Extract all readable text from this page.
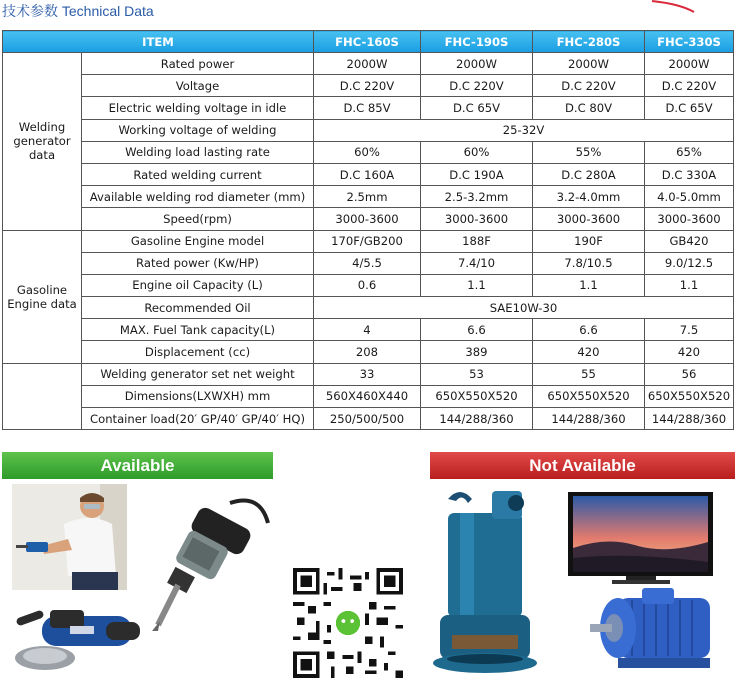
技术参数 Technical Data
ITEM		FHC-160S	FHC-190S	FHC-280S	FHC-330S
Welding generator data	Rated power	2000W	2000W	2000W	2000W
	Voltage	D.C 220V	D.C 220V	D.C 220V	D.C 220V
	Electric welding voltage in idle	D.C 85V	D.C 65V	D.C 80V	D.C 65V
	Working voltage of welding	25-32V			
	Welding load lasting rate	60%	60%	55%	65%
	Rated welding current	D.C 160A	D.C 190A	D.C 280A	D.C 330A
	Available welding rod diameter (mm)	2.5mm	2.5-3.2mm	3.2-4.0mm	4.0-5.0mm
	Speed(rpm)	3000-3600	3000-3600	3000-3600	3000-3600
Gasoline Engine data	Gasoline Engine model	170F/GB200	188F	190F	GB420
	Rated power (Kw/HP)	4/5.5	7.4/10	7.8/10.5	9.0/12.5
	Engine oil Capacity (L)	0.6	1.1	1.1	1.1
	Recommended Oil	SAE10W-30			
	MAX. Fuel Tank capacity(L)	4	6.6	6.6	7.5
	Displacement (cc)	208	389	420	420
	Welding generator set net weight	33	53	55	56
	Dimensions(LXWXH) mm	560X460X440	650X550X520	650X550X520	650X550X520
	Container load(20′ GP/40′ GP/40′ HQ)	250/500/500	144/288/360	144/288/360	144/288/360
Available	Not Available
